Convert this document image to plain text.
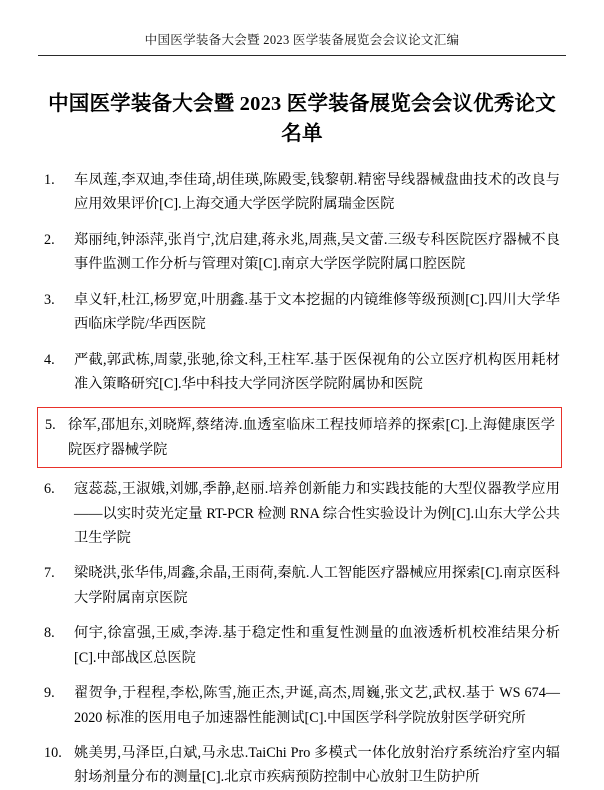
中国医学装备大会暨 2023 医学装备展览会会议论文汇编
中国医学装备大会暨 2023 医学装备展览会会议优秀论文名单
1.	车凤莲,李双迪,李佳琦,胡佳瑛,陈殿雯,钱黎朝.精密导线器械盘曲技术的改良与应用效果评价[C].上海交通大学医学院附属瑞金医院
2.	郑丽纯,钟添萍,张肖宁,沈启建,蒋永兆,周燕,吴文蕾.三级专科医院医疗器械不良事件监测工作分析与管理对策[C].南京大学医学院附属口腔医院
3.	卓义轩,杜江,杨罗宽,叶朋鑫.基于文本挖掘的内镜维修等级预测[C].四川大学华西临床学院/华西医院
4.	严截,郭武栋,周蒙,张驰,徐文科,王柱军.基于医保视角的公立医疗机构医用耗材准入策略研究[C].华中科技大学同济医学院附属协和医院
5. 徐军,邵旭东,刘晓辉,蔡绪涛.血透室临床工程技师培养的探索[C].上海健康医学院医疗器械学院
6.	寇蕊蕊,王淑娥,刘娜,季静,赵丽.培养创新能力和实践技能的大型仪器教学应用——以实时荧光定量 RT-PCR 检测 RNA 综合性实验设计为例[C].山东大学公共卫生学院
7.	梁晓洪,张华伟,周鑫,余晶,王雨荷,秦航.人工智能医疗器械应用探索[C].南京医科大学附属南京医院
8.	何宇,徐富强,王威,李涛.基于稳定性和重复性测量的血液透析机校准结果分析[C].中部战区总医院
9.	翟贺争,于程程,李松,陈雪,施正杰,尹诞,高杰,周巍,张文艺,武权.基于 WS 674—2020 标准的医用电子加速器性能测试[C].中国医学科学院放射医学研究所
10. 姚美男,马泽臣,白斌,马永忠.TaiChi Pro 多模式一体化放射治疗系统治疗室内辐射场剂量分布的测量[C].北京市疾病预防控制中心放射卫生防护所
